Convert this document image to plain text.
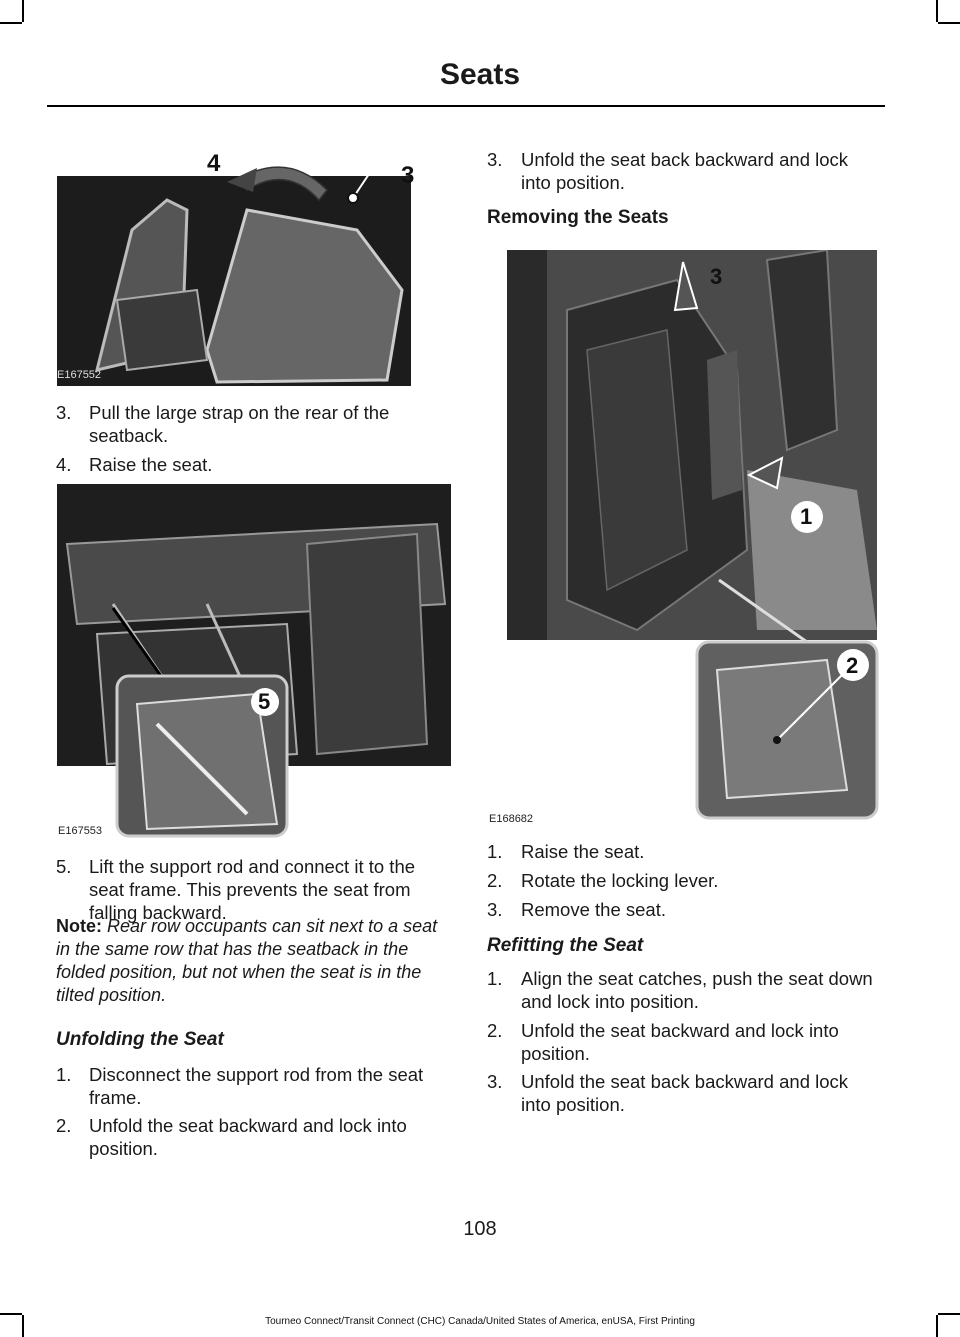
Seats
4	3
E167552
3. Pull the large strap on the rear of the seatback.
4. Raise the seat.
5
E167553
5. Lift the support rod and connect it to the seat frame. This prevents the seat from falling backward.
Note: Rear row occupants can sit next to a seat in the same row that has the seatback in the folded position, but not when the seat is in the tilted position.
Unfolding the Seat
1. Disconnect the support rod from the seat frame.
2. Unfold the seat backward and lock into position.
3.	Unfold the seat back backward and lock into position.
Removing the Seats
3
1
2
E168682
1.	Raise the seat.
2.	Rotate the locking lever.
3.	Remove the seat.
Refitting the Seat
1.	Align the seat catches, push the seat down and lock into position.
2.	Unfold the seat backward and lock into position.
3.	Unfold the seat back backward and lock into position.
108
Tourneo Connect/Transit Connect (CHC) Canada/United States of America, enUSA, First Printing
